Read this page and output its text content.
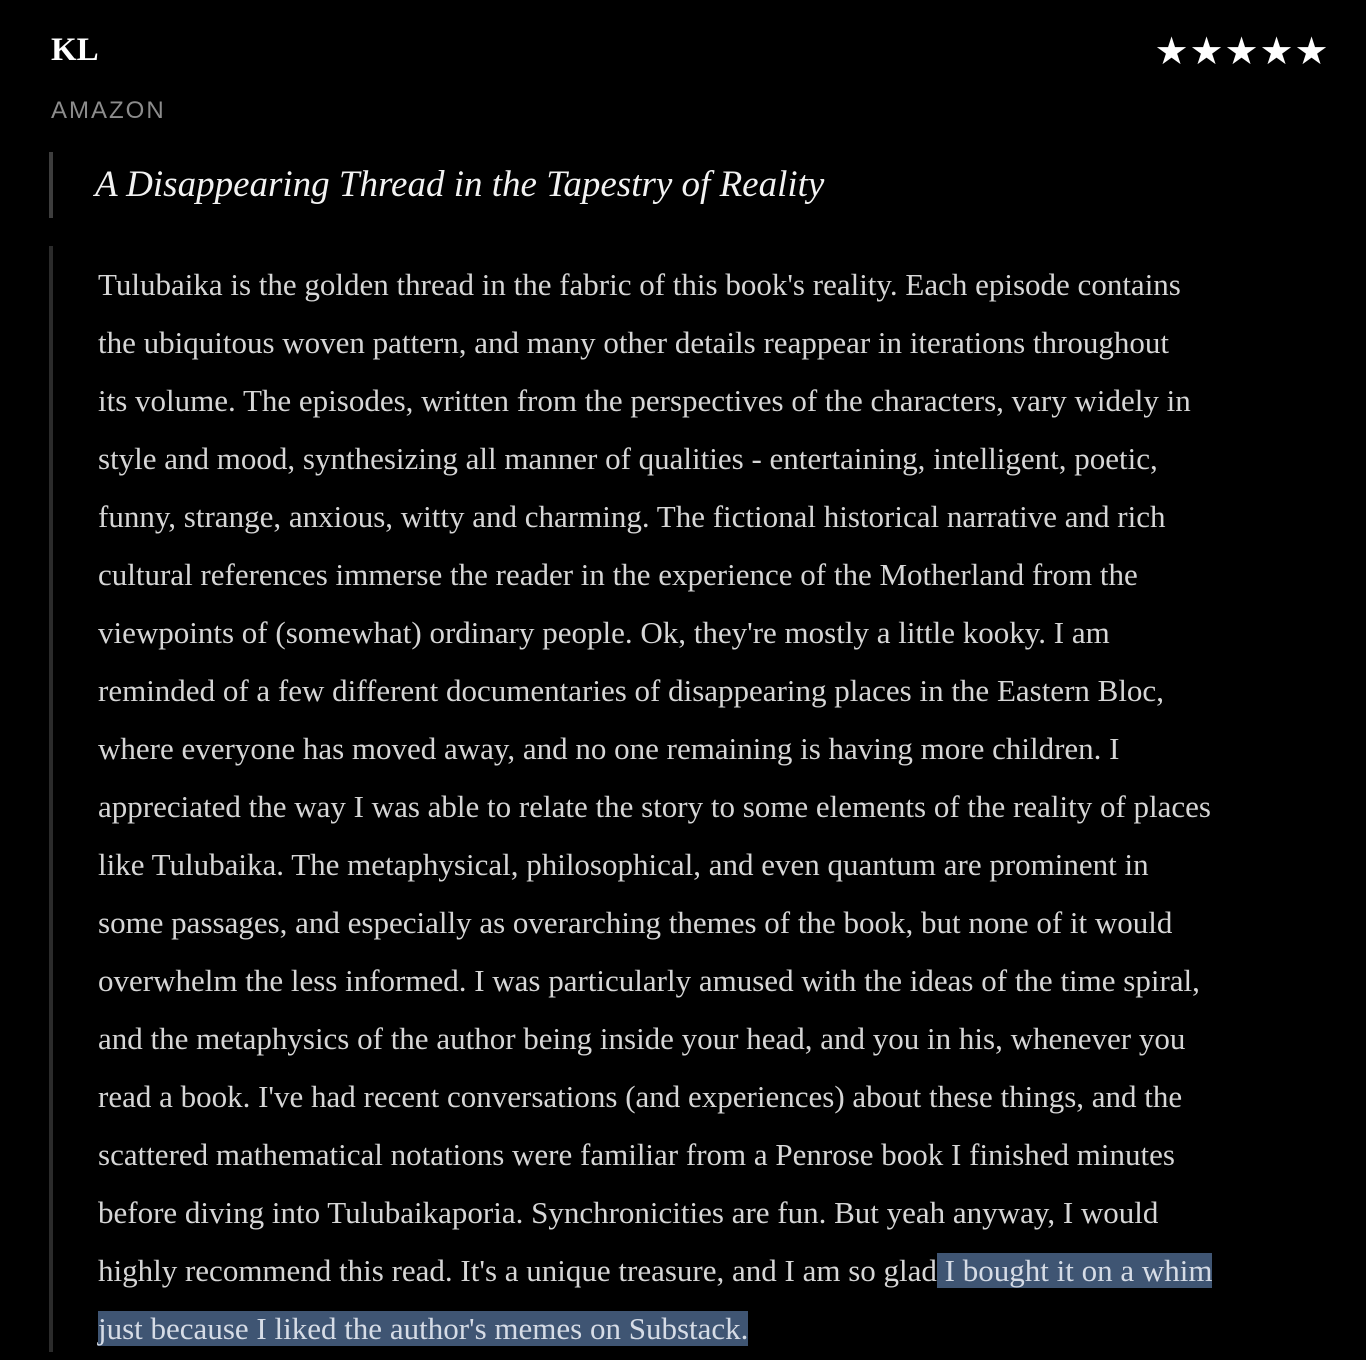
KL	★ ★ ★ ★ ★
AMAZON
A Disappearing Thread in the Tapestry of Reality
Tulubaika is the golden thread in the fabric of this book's reality. Each episode contains
the ubiquitous woven pattern, and many other details reappear in iterations throughout
its volume. The episodes, written from the perspectives of the characters, vary widely in
style and mood, synthesizing all manner of qualities - entertaining, intelligent, poetic,
funny, strange, anxious, witty and charming. The fictional historical narrative and rich
cultural references immerse the reader in the experience of the Motherland from the
viewpoints of (somewhat) ordinary people. Ok, they're mostly a little kooky. I am
reminded of a few different documentaries of disappearing places in the Eastern Bloc,
where everyone has moved away, and no one remaining is having more children. I
appreciated the way I was able to relate the story to some elements of the reality of places
like Tulubaika. The metaphysical, philosophical, and even quantum are prominent in
some passages, and especially as overarching themes of the book, but none of it would
overwhelm the less informed. I was particularly amused with the ideas of the time spiral,
and the metaphysics of the author being inside your head, and you in his, whenever you
read a book. I've had recent conversations (and experiences) about these things, and the
scattered mathematical notations were familiar from a Penrose book I finished minutes
before diving into Tulubaikaporia. Synchronicities are fun. But yeah anyway, I would
highly recommend this read. It's a unique treasure, and I am so glad I bought it on a whim
just because I liked the author's memes on Substack.
